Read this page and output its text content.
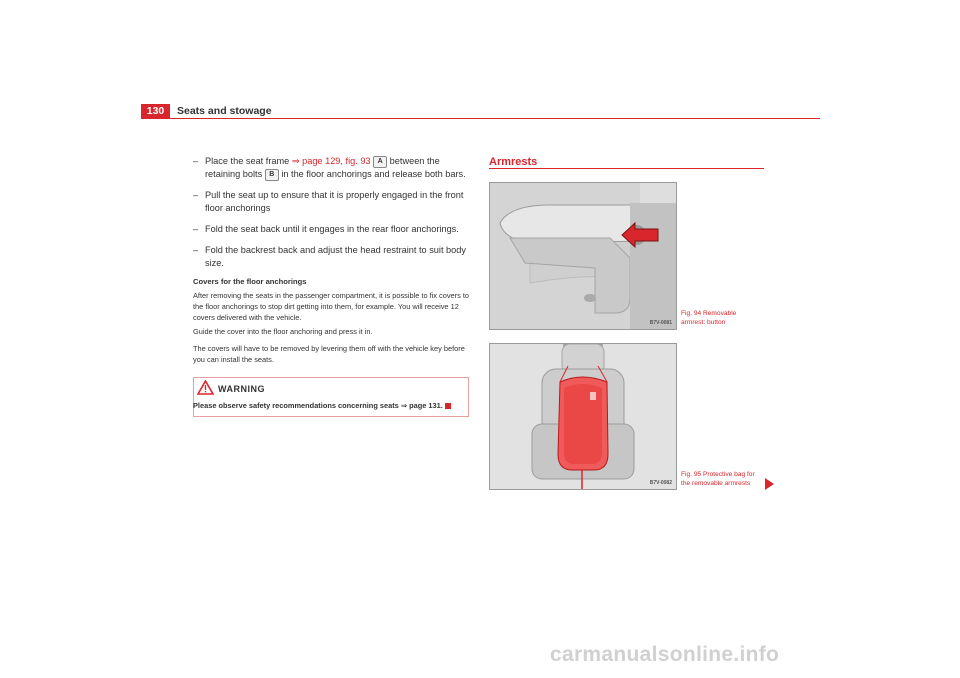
130	Seats and stowage
– Place the seat frame ⇒ page 129, fig. 93 A between the retaining bolts B in the floor anchorings and release both bars.
– Pull the seat up to ensure that it is properly engaged in the front floor anchorings
– Fold the seat back until it engages in the rear floor anchorings.
– Fold the backrest back and adjust the head restraint to suit body size.
Covers for the floor anchorings
After removing the seats in the passenger compartment, it is possible to fix covers to the floor anchorings to stop dirt getting into them, for example. You will receive 12 covers delivered with the vehicle.
Guide the cover into the floor anchoring and press it in.
The covers will have to be removed by levering them off with the vehicle key before you can install the seats.
WARNING
Please observe safety recommendations concerning seats ⇒ page 131.
Armrests
B7V-0081
Fig. 94 Removable armrest: button
B7V-0082
Fig. 95 Protective bag for the removable armrests
carmanualsonline.info
